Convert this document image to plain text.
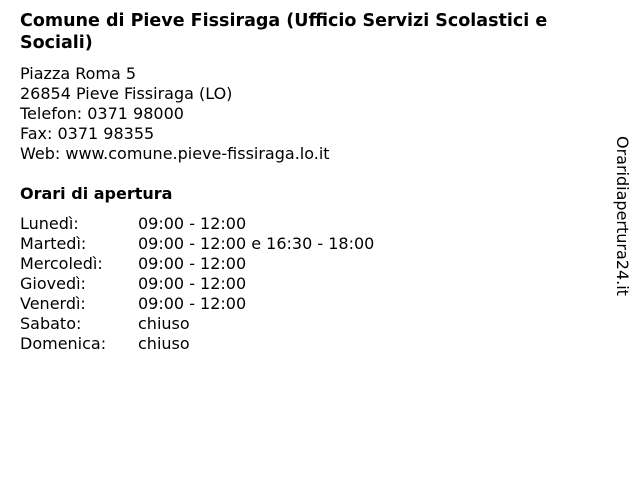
Comune di Pieve Fissiraga (Ufficio Servizi Scolastici e Sociali)
Piazza Roma 5
26854 Pieve Fissiraga (LO)
Telefon: 0371 98000
Fax: 0371 98355
Web: www.comune.pieve-fissiraga.lo.it
Orari di apertura
Lunedì:	09:00 - 12:00
Martedì:	09:00 - 12:00 e 16:30 - 18:00
Mercoledì:	09:00 - 12:00
Giovedì:	09:00 - 12:00
Venerdì:	09:00 - 12:00
Sabato:	chiuso
Domenica:	chiuso
Oraridiapertura24.it
